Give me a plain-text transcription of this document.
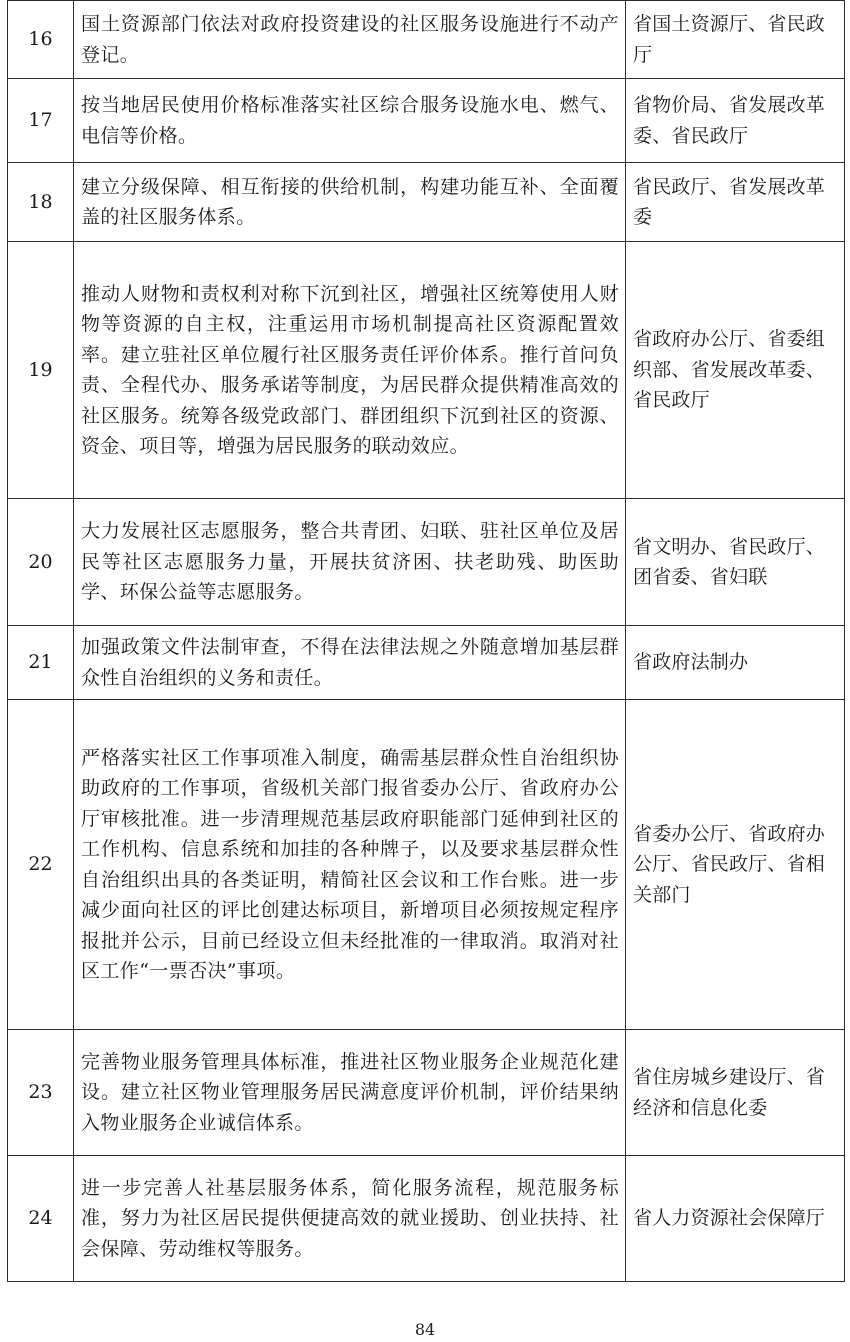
16	国土资源部门依法对政府投资建设的社区服务设施进行不动产登记。	省国土资源厅、省民政厅
17	按当地居民使用价格标准落实社区综合服务设施水电、燃气、电信等价格。	省物价局、省发展改革委、省民政厅
18	建立分级保障、相互衔接的供给机制，构建功能互补、全面覆盖的社区服务体系。	省民政厅、省发展改革委
19	推动人财物和责权利对称下沉到社区，增强社区统筹使用人财物等资源的自主权，注重运用市场机制提高社区资源配置效率。建立驻社区单位履行社区服务责任评价体系。推行首问负责、全程代办、服务承诺等制度，为居民群众提供精准高效的社区服务。统筹各级党政部门、群团组织下沉到社区的资源、资金、项目等，增强为居民服务的联动效应。	省政府办公厅、省委组织部、省发展改革委、省民政厅
20	大力发展社区志愿服务，整合共青团、妇联、驻社区单位及居民等社区志愿服务力量，开展扶贫济困、扶老助残、助医助学、环保公益等志愿服务。	省文明办、省民政厅、团省委、省妇联
21	加强政策文件法制审查，不得在法律法规之外随意增加基层群众性自治组织的义务和责任。	省政府法制办
22	严格落实社区工作事项准入制度，确需基层群众性自治组织协助政府的工作事项，省级机关部门报省委办公厅、省政府办公厅审核批准。进一步清理规范基层政府职能部门延伸到社区的工作机构、信息系统和加挂的各种牌子，以及要求基层群众性自治组织出具的各类证明，精简社区会议和工作台账。进一步减少面向社区的评比创建达标项目，新增项目必须按规定程序报批并公示，目前已经设立但未经批准的一律取消。取消对社区工作“一票否决”事项。	省委办公厅、省政府办公厅、省民政厅、省相关部门
23	完善物业服务管理具体标准，推进社区物业服务企业规范化建设。建立社区物业管理服务居民满意度评价机制，评价结果纳入物业服务企业诚信体系。	省住房城乡建设厅、省经济和信息化委
24	进一步完善人社基层服务体系，简化服务流程，规范服务标准，努力为社区居民提供便捷高效的就业援助、创业扶持、社会保障、劳动维权等服务。	省人力资源社会保障厅
84
